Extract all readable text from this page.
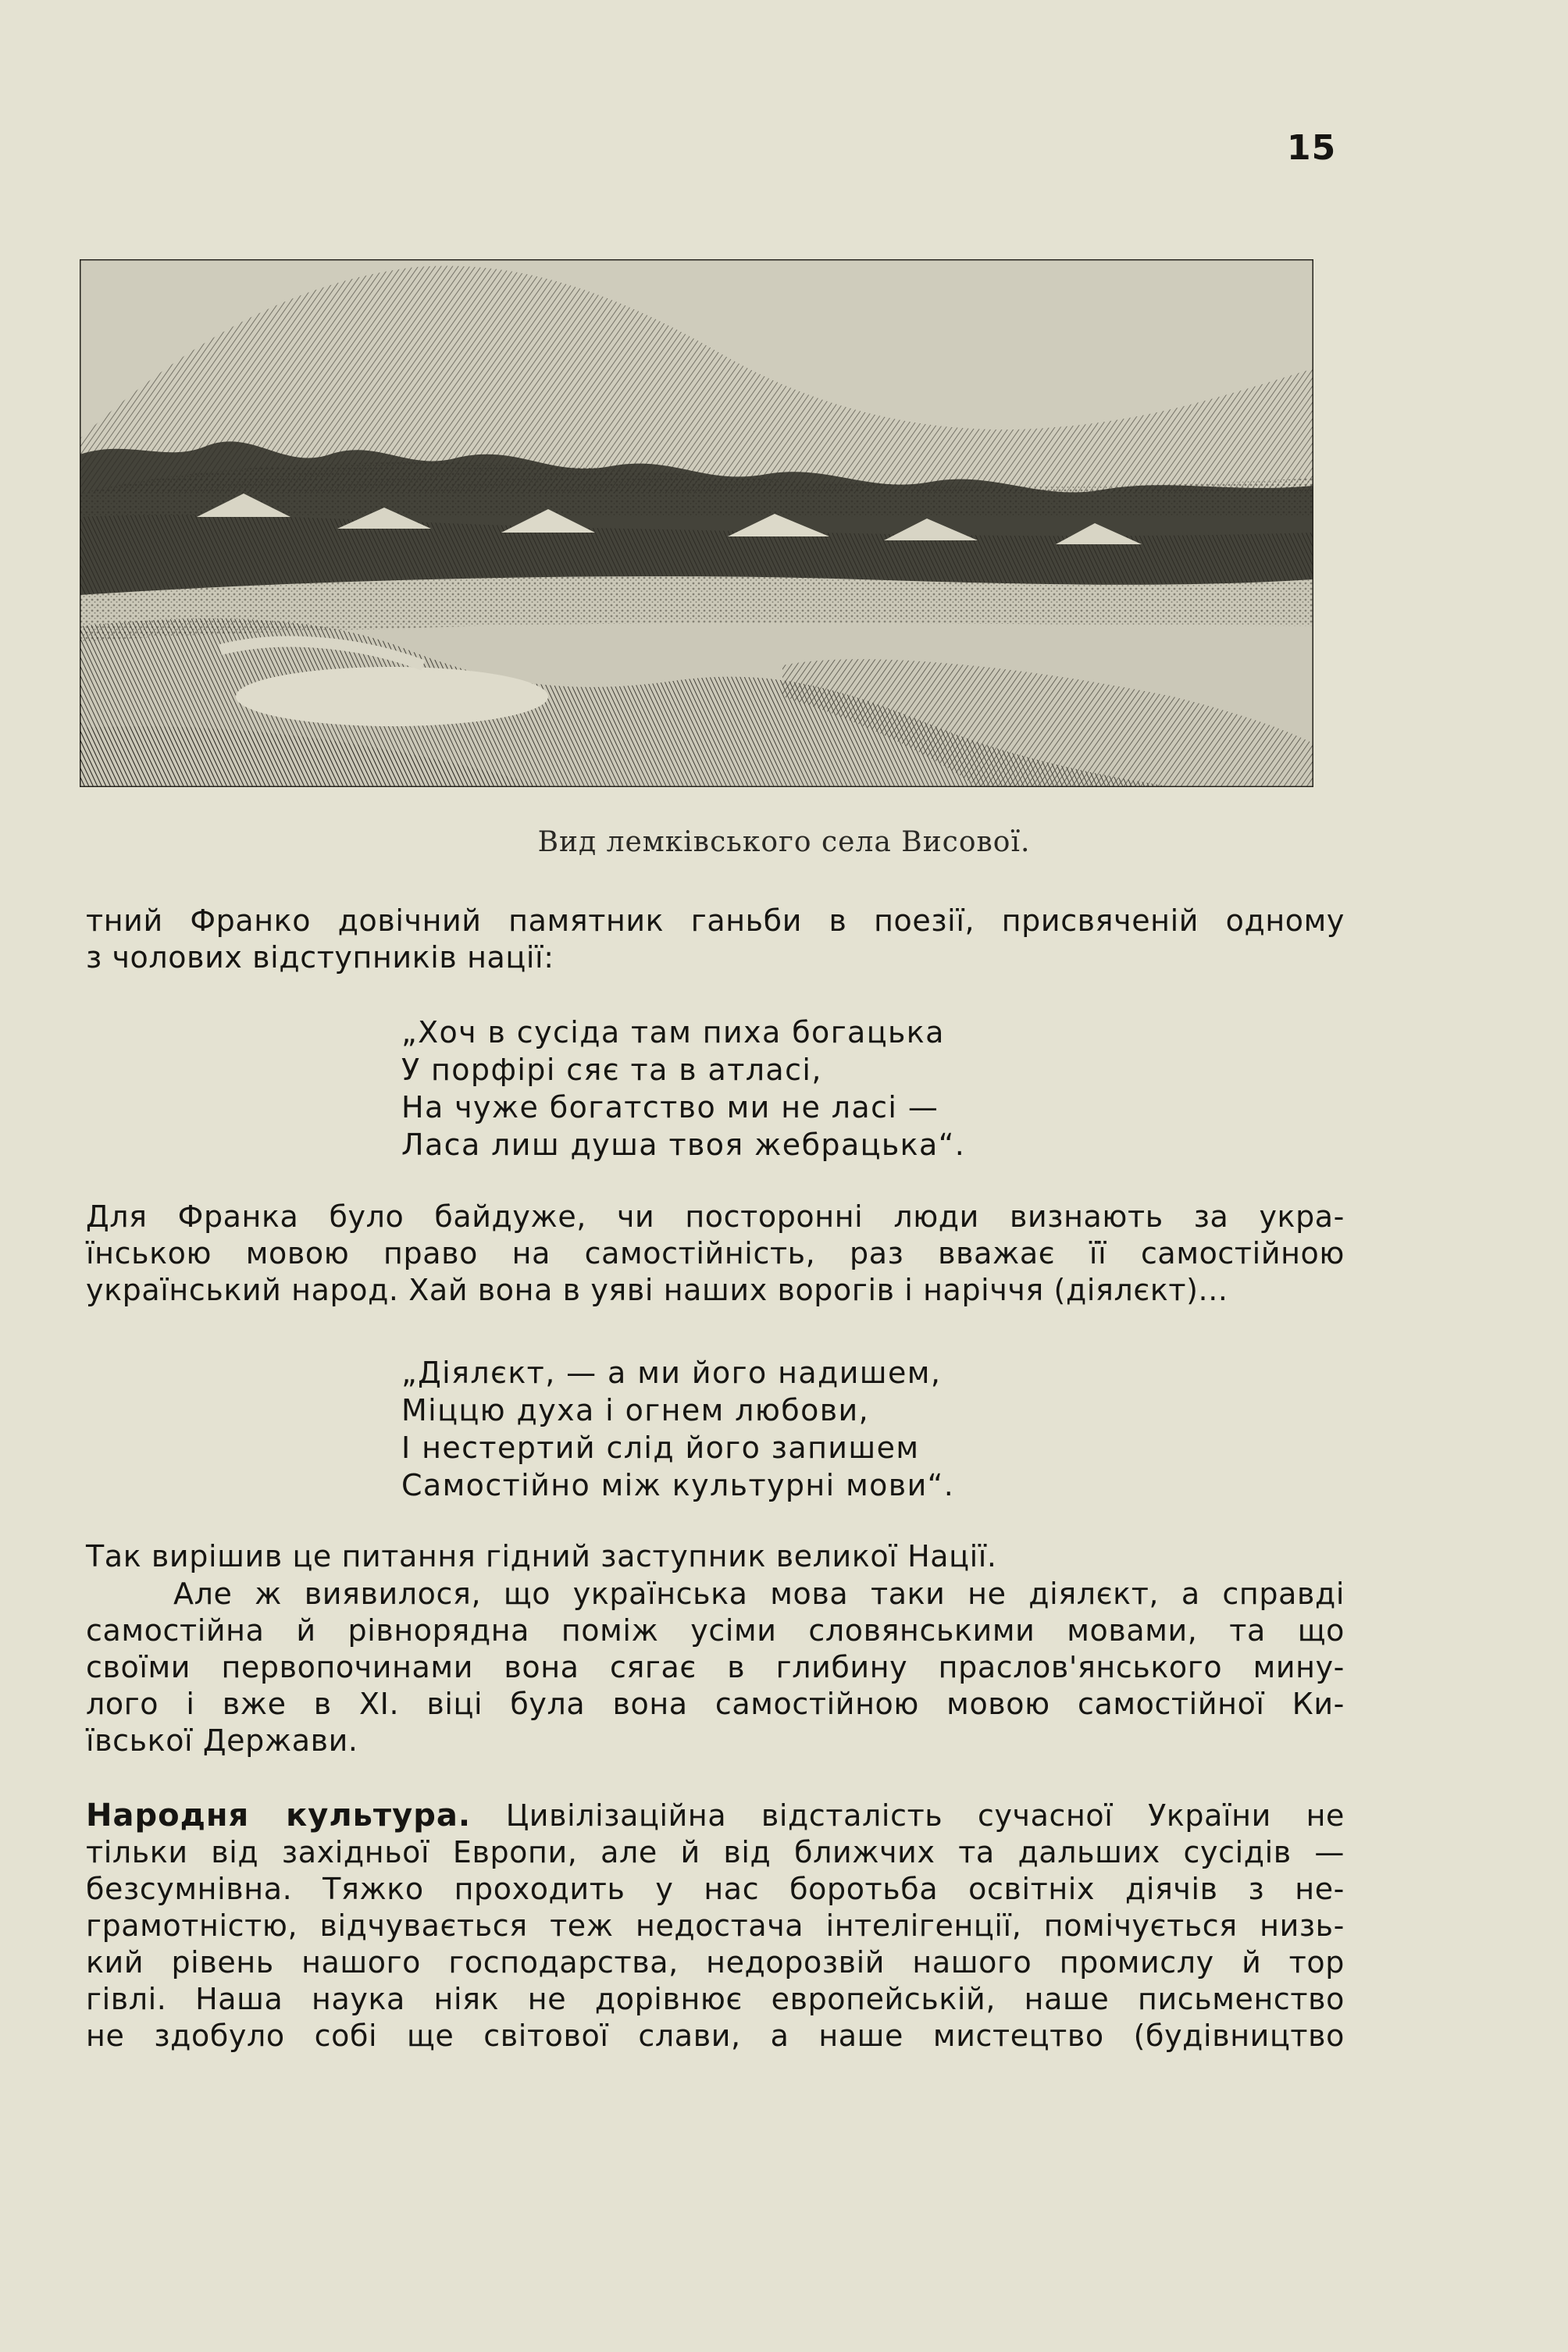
15
Вид лемківського села Висової.
тний Франко довічний памятник ганьби в поезії, присвяченій одному
з чолових відступників нації:
„Хоч в сусіда там пиха богацька
У порфірі сяє та в атласі,
На чуже богатство ми не ласі —
Ласа лиш душа твоя жебрацька“.
Для Франка було байдуже, чи посторонні люди визнають за укра-
їнською мовою право на самостійність, раз вважає її самостійною
український народ. Хай вона в уяві наших ворогів і наріччя (діялєкт)...
„Діялєкт, — а ми його надишем,
Міццю духа і огнем любови,
І нестертий слід його запишем
Самостійно між культурні мови“.
Так вирішив це питання гідний заступник великої Нації.
Але ж виявилося, що українська мова таки не діялєкт, а справді
самостійна й рівнорядна поміж усіми словянськими мовами, та що
своїми первопочинами вона сягає в глибину праслов'янського мину-
лого і вже в ХІ. віці була вона самостійною мовою самостійної Ки-
ївської Держави.
Народня культура. Цивілізаційна відсталість сучасної України не
тільки від західньої Европи, але й від ближчих та дальших сусідів —
безсумнівна. Тяжко проходить у нас боротьба освітніх діячів з не-
грамотністю, відчувається теж недостача інтелігенції, помічується низь-
кий рівень нашого господарства, недорозвій нашого промислу й тор
гівлі. Наша наука ніяк не дорівнює европейській, наше письменство
не здобуло собі ще світової слави, а наше мистецтво (будівництво
